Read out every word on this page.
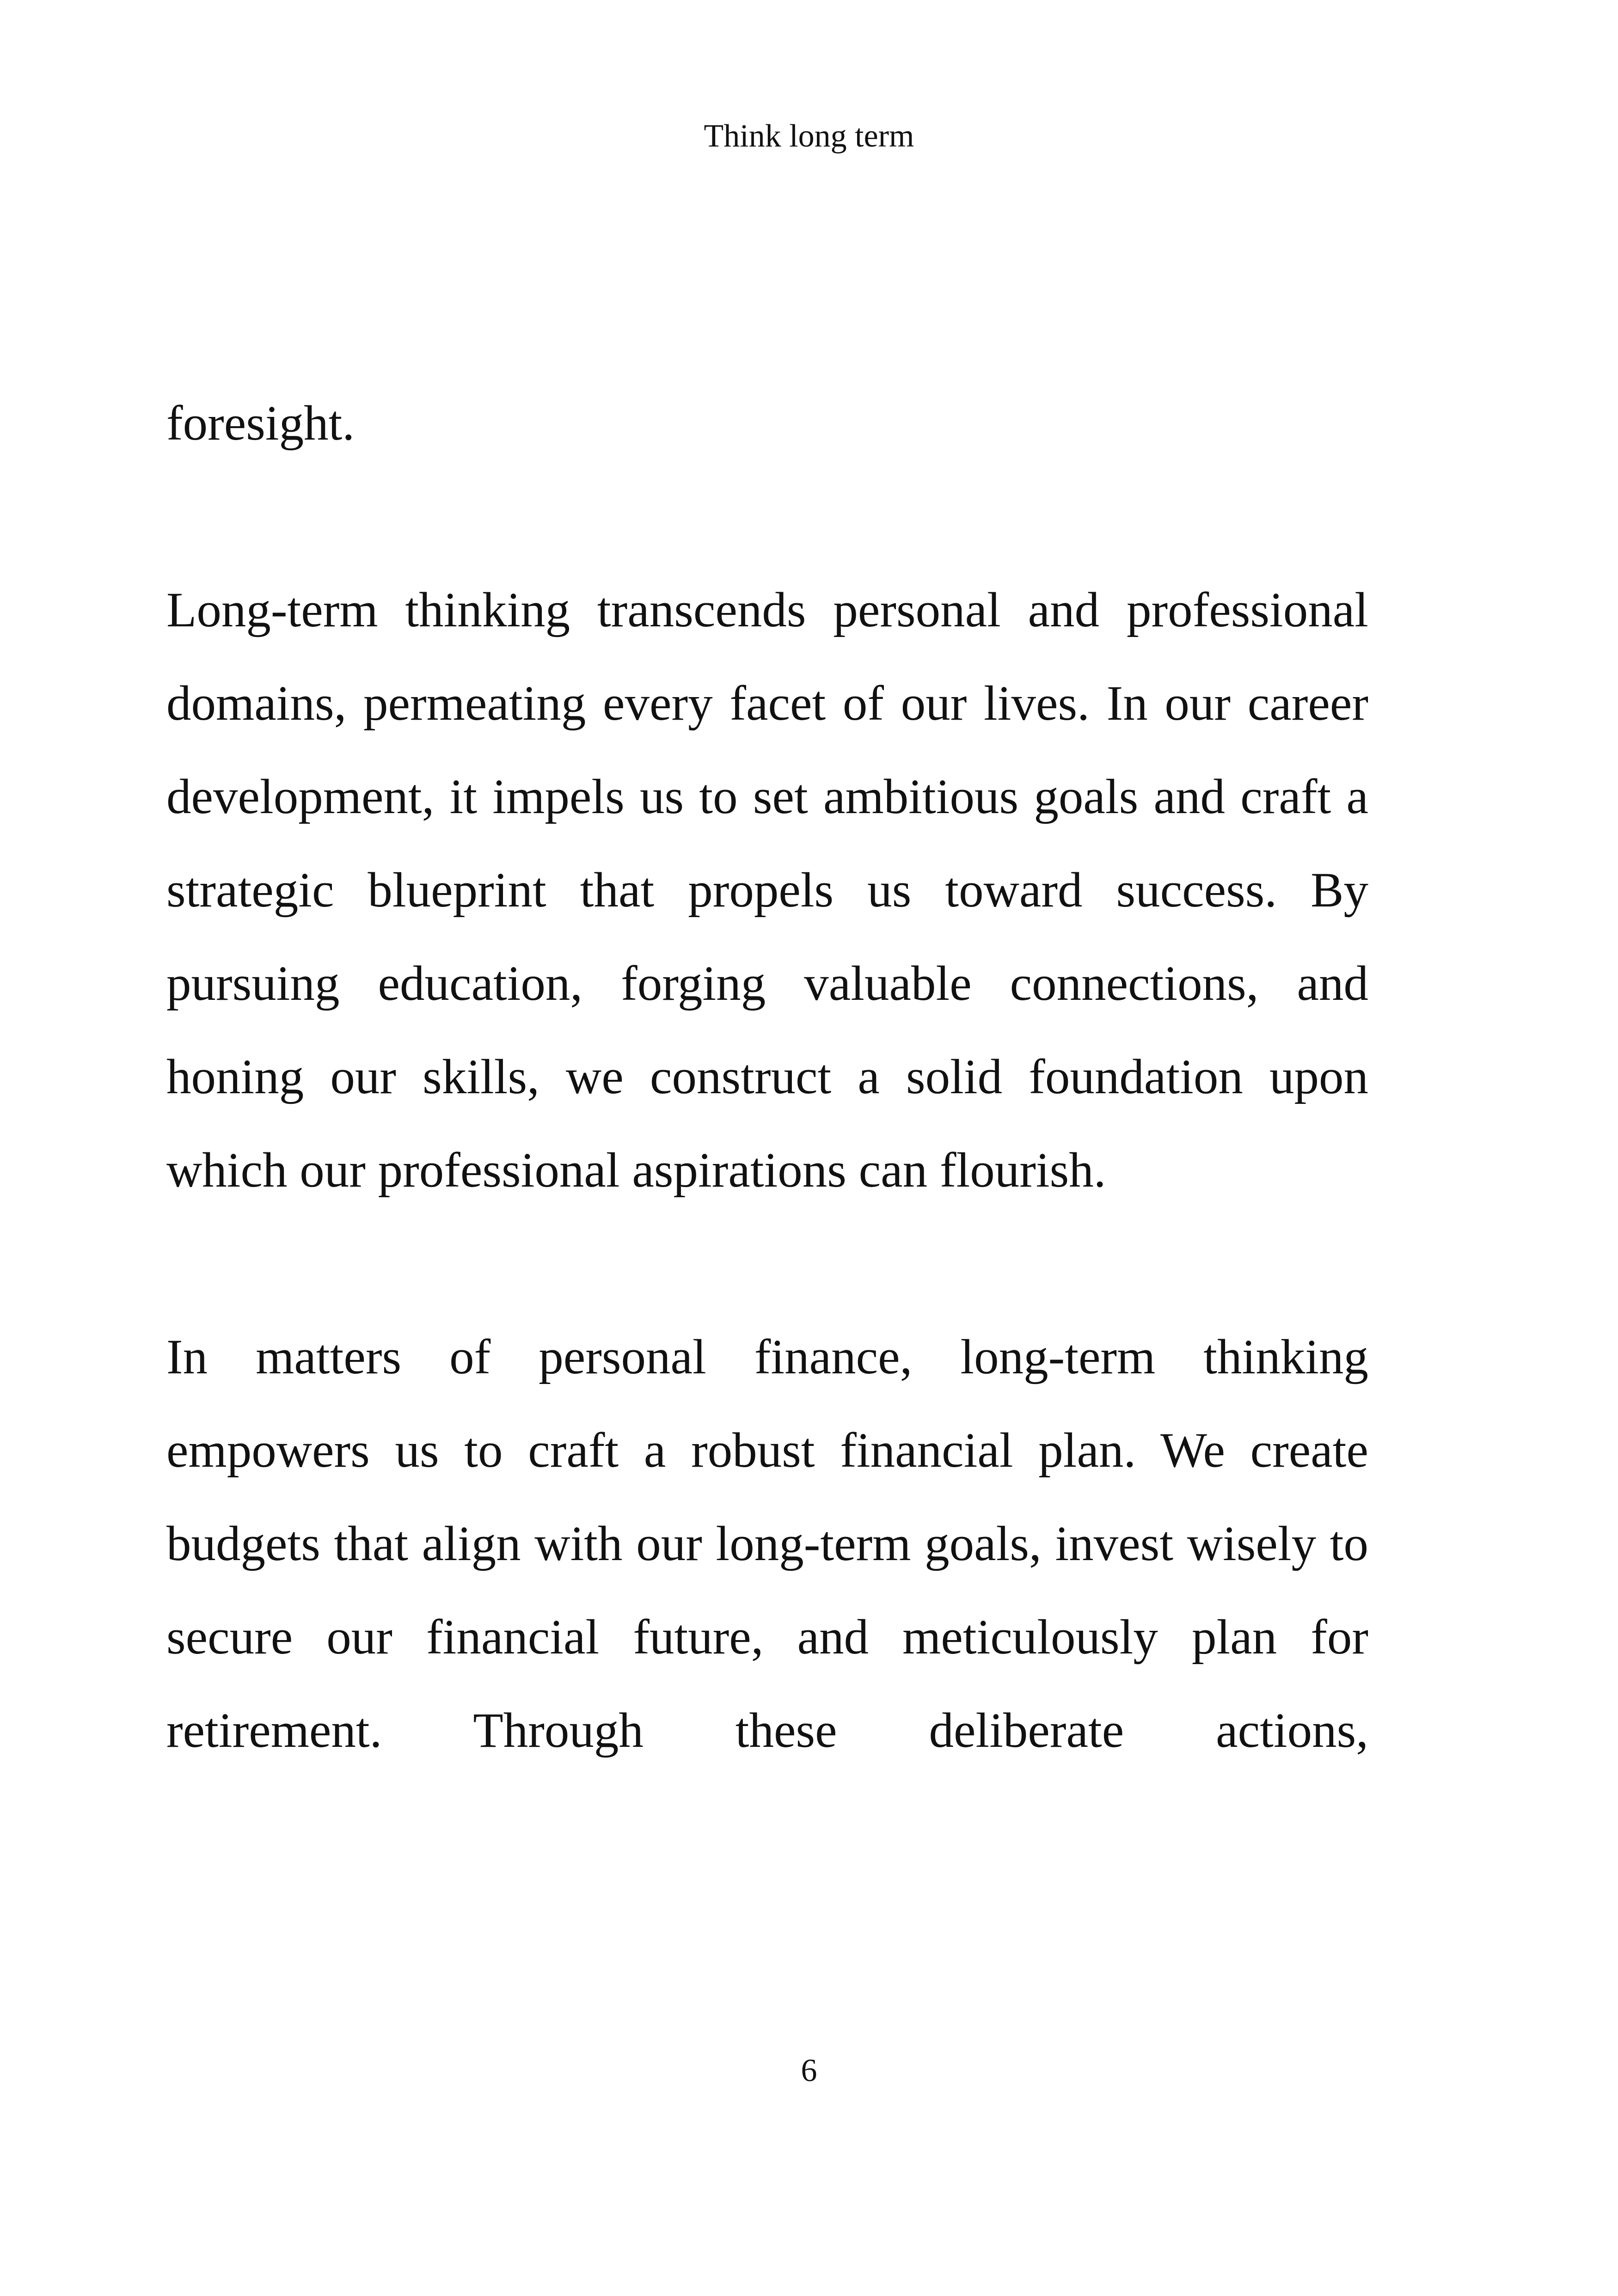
Think long term

foresight.

Long-term thinking transcends personal and professional domains, permeating every facet of our lives. In our career development, it impels us to set ambitious goals and craft a strategic blueprint that propels us toward success. By pursuing education, forging valuable connections, and honing our skills, we construct a solid foundation upon which our professional aspirations can flourish.

In matters of personal finance, long-term thinking empowers us to craft a robust financial plan. We create budgets that align with our long-term goals, invest wisely to secure our financial future, and meticulously plan for retirement. Through these deliberate actions,

6
